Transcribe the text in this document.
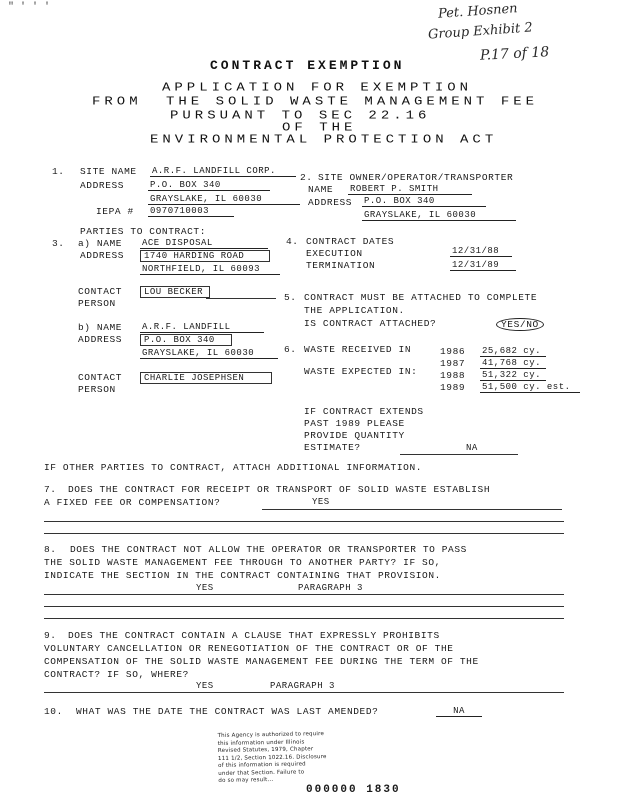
" ' ' '	Pet. Hosnen
Group Exhibit 2
P.17 of 18
CONTRACT EXEMPTION
APPLICATION FOR EXEMPTION
FROM THE SOLID WASTE MANAGEMENT FEE
PURSUANT TO SEC 22.16
OF THE
ENVIRONMENTAL PROTECTION ACT
1. SITE NAME A.R.F. LANDFILL CORP.
ADDRESS	P.O. BOX 340
GRAYSLAKE, IL 60030
IEPA # 0970710003
2. SITE OWNER/OPERATOR/TRANSPORTER
NAME ROBERT P. SMITH
ADDRESS P.O. BOX 340
GRAYSLAKE, IL 60030
PARTIES TO CONTRACT:
3. a) NAME ACE DISPOSAL
ADDRESS	1740 HARDING ROAD
NORTHFIELD, IL 60093
CONTACT
PERSON
LOU BECKER
b) NAME A.R.F. LANDFILL
ADDRESS	P.O. BOX 340
GRAYSLAKE, IL 60030
CONTACT
PERSON
CHARLIE JOSEPHSEN
4. CONTRACT DATES
EXECUTION	12/31/88
TERMINATION	12/31/89
5. CONTRACT MUST BE ATTACHED TO COMPLETE
THE APPLICATION.
IS CONTRACT ATTACHED?	YES/NO
6. WASTE RECEIVED IN
WASTE EXPECTED IN:
1986 25,682 cy.
1987 41,768 cy.
1988 51,322 cy.
1989 51,500 cy. est.
IF CONTRACT EXTENDS
PAST 1989 PLEASE
PROVIDE QUANTITY
ESTIMATE?	NA
IF OTHER PARTIES TO CONTRACT, ATTACH ADDITIONAL INFORMATION.
7. DOES THE CONTRACT FOR RECEIPT OR TRANSPORT OF SOLID WASTE ESTABLISH
A FIXED FEE OR COMPENSATION?	YES
8. DOES THE CONTRACT NOT ALLOW THE OPERATOR OR TRANSPORTER TO PASS
THE SOLID WASTE MANAGEMENT FEE THROUGH TO ANOTHER PARTY? IF SO,
INDICATE THE SECTION IN THE CONTRACT CONTAINING THAT PROVISION.
YES	PARAGRAPH 3
9. DOES THE CONTRACT CONTAIN A CLAUSE THAT EXPRESSLY PROHIBITS
VOLUNTARY CANCELLATION OR RENEGOTIATION OF THE CONTRACT OR OF THE
COMPENSATION OF THE SOLID WASTE MANAGEMENT FEE DURING THE TERM OF THE
CONTRACT? IF SO, WHERE?
YES	PARAGRAPH 3
10. WHAT WAS THE DATE THE CONTRACT WAS LAST AMENDED?	NA
This Agency is authorized to require
this information under Illinois
Revised Statutes, 1979, Chapter
111 1/2, Section 1022.16. Disclosure
of this information is required
under that Section. Failure to
do so may result...
000000 1830
